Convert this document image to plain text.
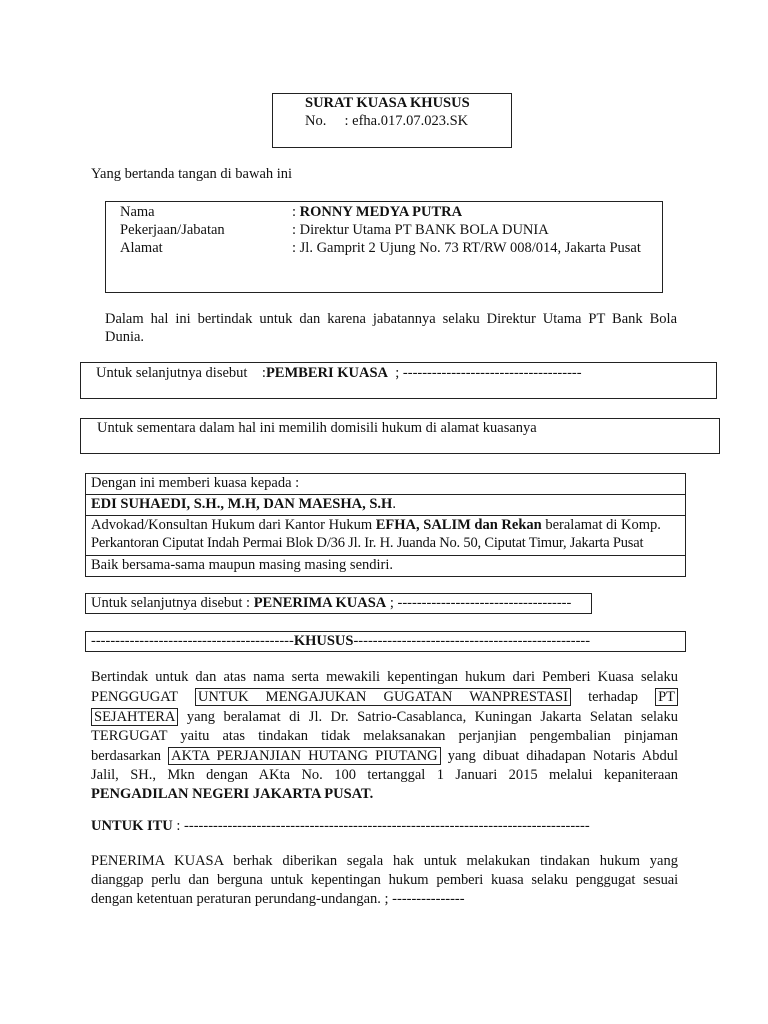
SURAT KUASA KHUSUS
No. : efha.017.07.023.SK
Yang bertanda tangan di bawah ini
Nama
Pekerjaan/Jabatan
Alamat
: RONNY MEDYA PUTRA
: Direktur Utama PT BANK BOLA DUNIA
: Jl. Gamprit 2 Ujung No. 73 RT/RW 008/014, Jakarta Pusat
Dalam hal ini bertindak untuk dan karena jabatannya selaku Direktur Utama PT Bank Bola
Dunia.
Untuk selanjutnya disebut :PEMBERI KUASA ; -------------------------------------
Untuk sementara dalam hal ini memilih domisili hukum di alamat kuasanya
Dengan ini memberi kuasa kepada :
EDI SUHAEDI, S.H., M.H, DAN MAESHA, S.H.
Advokad/Konsultan Hukum dari Kantor Hukum EFHA, SALIM dan Rekan beralamat di Komp.
Perkantoran Ciputat Indah Permai Blok D/36 Jl. Ir. H. Juanda No. 50, Ciputat Timur, Jakarta Pusat
Baik bersama-sama maupun masing masing sendiri.
Untuk selanjutnya disebut : PENERIMA KUASA ; ------------------------------------
------------------------------------------KHUSUS-------------------------------------------------
Bertindak untuk dan atas nama serta mewakili kepentingan hukum dari Pemberi Kuasa selaku
PENGGUGAT UNTUK MENGAJUKAN GUGATAN WANPRESTASI terhadap PT
SEJAHTERA yang beralamat di Jl. Dr. Satrio-Casablanca, Kuningan Jakarta Selatan selaku
TERGUGAT yaitu atas tindakan tidak melaksanakan perjanjian pengembalian pinjaman
berdasarkan AKTA PERJANJIAN HUTANG PIUTANG yang dibuat dihadapan Notaris Abdul
Jalil, SH., Mkn dengan AKta No. 100 tertanggal 1 Januari 2015 melalui kepaniteraan
PENGADILAN NEGERI JAKARTA PUSAT.
UNTUK ITU : ------------------------------------------------------------------------------------
PENERIMA KUASA berhak diberikan segala hak untuk melakukan tindakan hukum yang
dianggap perlu dan berguna untuk kepentingan hukum pemberi kuasa selaku penggugat sesuai
dengan ketentuan peraturan perundang-undangan. ; ---------------
